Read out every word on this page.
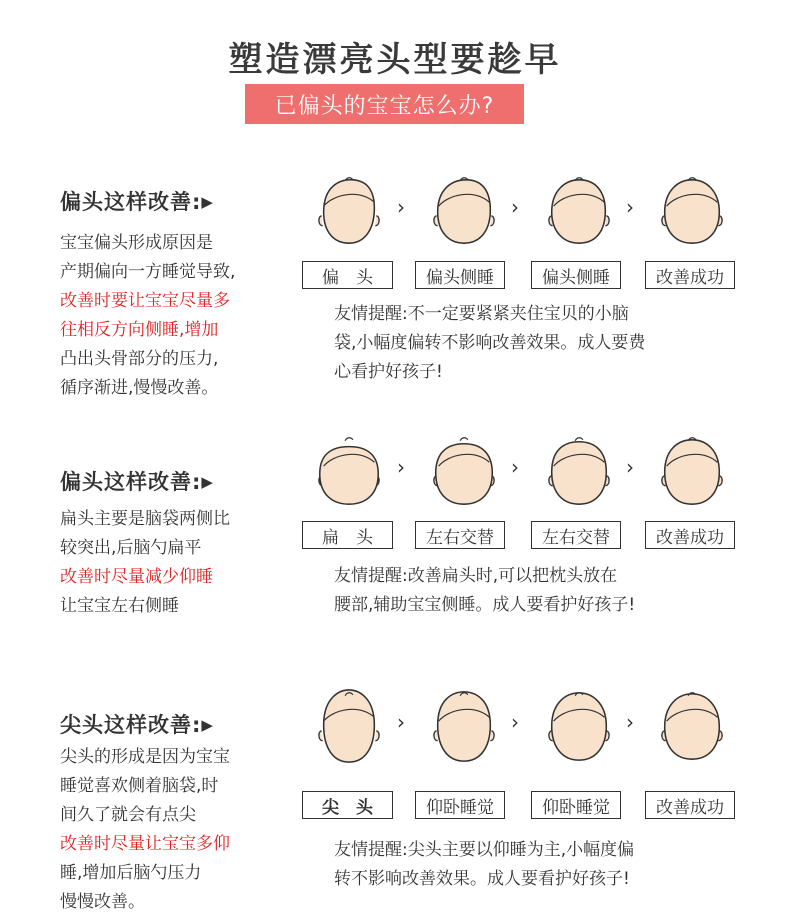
塑造漂亮头型要趁早
已偏头的宝宝怎么办?
偏头这样改善:▶
宝宝偏头形成原因是
产期偏向一方睡觉导致,
改善时要让宝宝尽量多
往相反方向侧睡,增加
凸出头骨部分的压力,
循序渐进,慢慢改善。
›	›	›
偏　头	偏头侧睡	偏头侧睡	改善成功
友情提醒:不一定要紧紧夹住宝贝的小脑
袋,小幅度偏转不影响改善效果。成人要费
心看护好孩子!
偏头这样改善:▶
扁头主要是脑袋两侧比
较突出,后脑勺扁平
改善时尽量减少仰睡
让宝宝左右侧睡
›	›	›
扁　头	左右交替	左右交替	改善成功
友情提醒:改善扁头时,可以把枕头放在
腰部,辅助宝宝侧睡。成人要看护好孩子!
尖头这样改善:▶
尖头的形成是因为宝宝
睡觉喜欢侧着脑袋,时
间久了就会有点尖
改善时尽量让宝宝多仰
睡,增加后脑勺压力
慢慢改善。
›	›	›
尖　头	仰卧睡觉	仰卧睡觉	改善成功
友情提醒:尖头主要以仰睡为主,小幅度偏
转不影响改善效果。成人要看护好孩子!
